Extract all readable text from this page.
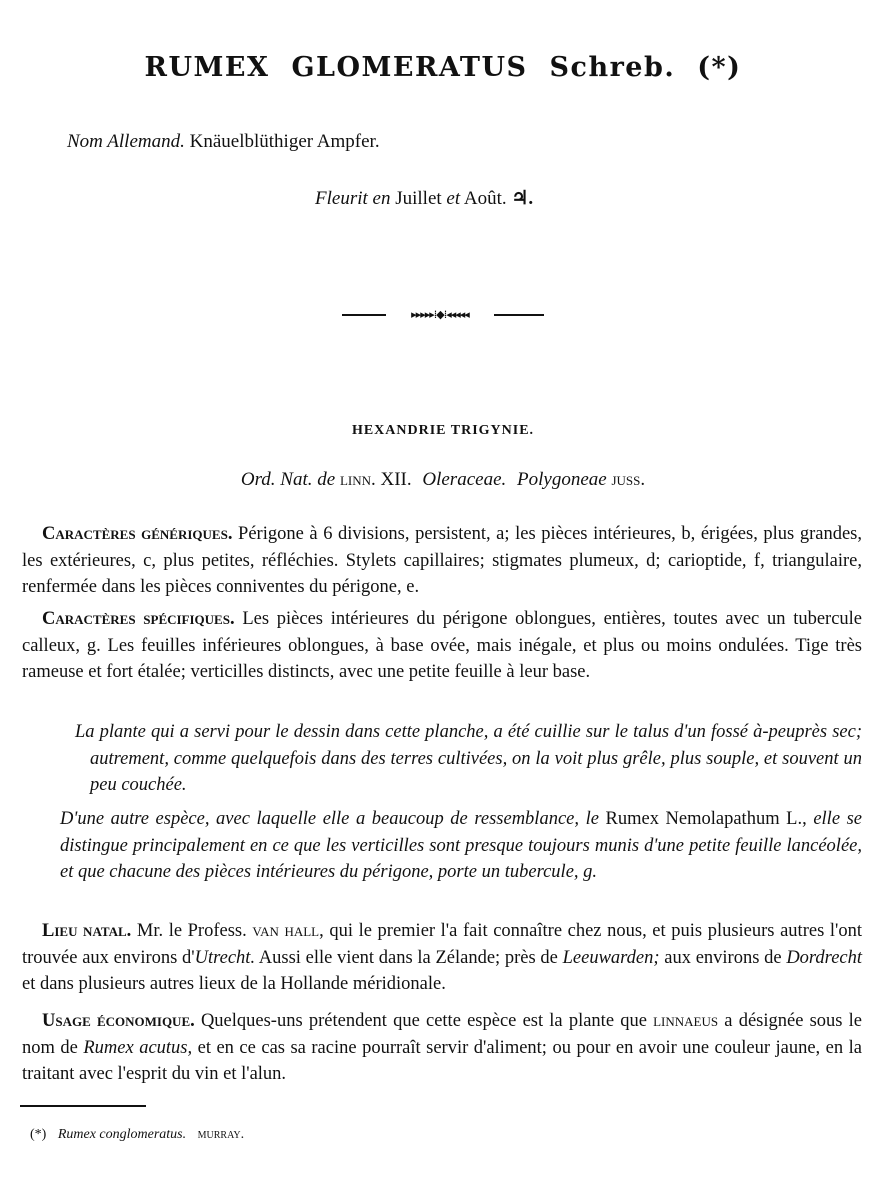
RUMEX GLOMERATUS Schreb. (*)
Nom Allemand. Knäuelblüthiger Ampfer.
Fleurit en Juillet et Août. ♃.
▸▸▸▸▸⁞◆⁞◂◂◂◂◂
HEXANDRIE TRIGYNIE.
Ord. Nat. de linn. XII. Oleraceae. Polygoneae juss.
Caractères génériques. Périgone à 6 divisions, persistent, a; les pièces intérieures, b, érigées, plus grandes, les extérieures, c, plus petites, réfléchies. Stylets capillaires; stigmates plumeux, d; carioptide, f, triangulaire, renfermée dans les pièces conniventes du périgone, e.
Caractères spécifiques. Les pièces intérieures du périgone oblongues, entières, toutes avec un tubercule calleux, g. Les feuilles inférieures oblongues, à base ovée, mais inégale, et plus ou moins ondulées. Tige très rameuse et fort étalée; verticilles distincts, avec une petite feuille à leur base.
La plante qui a servi pour le dessin dans cette planche, a été cuillie sur le talus d'un fossé à-peuprès sec; autrement, comme quelquefois dans des terres cultivées, on la voit plus grêle, plus souple, et souvent un peu couchée.
D'une autre espèce, avec laquelle elle a beaucoup de ressemblance, le Rumex Nemolapathum L., elle se distingue principalement en ce que les verticilles sont presque toujours munis d'une petite feuille lancéolée, et que chacune des pièces intérieures du périgone, porte un tubercule, g.
Lieu natal. Mr. le Profess. van hall, qui le premier l'a fait connaître chez nous, et puis plusieurs autres l'ont trouvée aux environs d'Utrecht. Aussi elle vient dans la Zélande; près de Leeuwarden; aux environs de Dordrecht et dans plusieurs autres lieux de la Hollande méridionale.
Usage économique. Quelques-uns prétendent que cette espèce est la plante que linnaeus a désignée sous le nom de Rumex acutus, et en ce cas sa racine pourraît servir d'aliment; ou pour en avoir une couleur jaune, en la traitant avec l'esprit du vin et l'alun.
(*) Rumex conglomeratus. murray.
